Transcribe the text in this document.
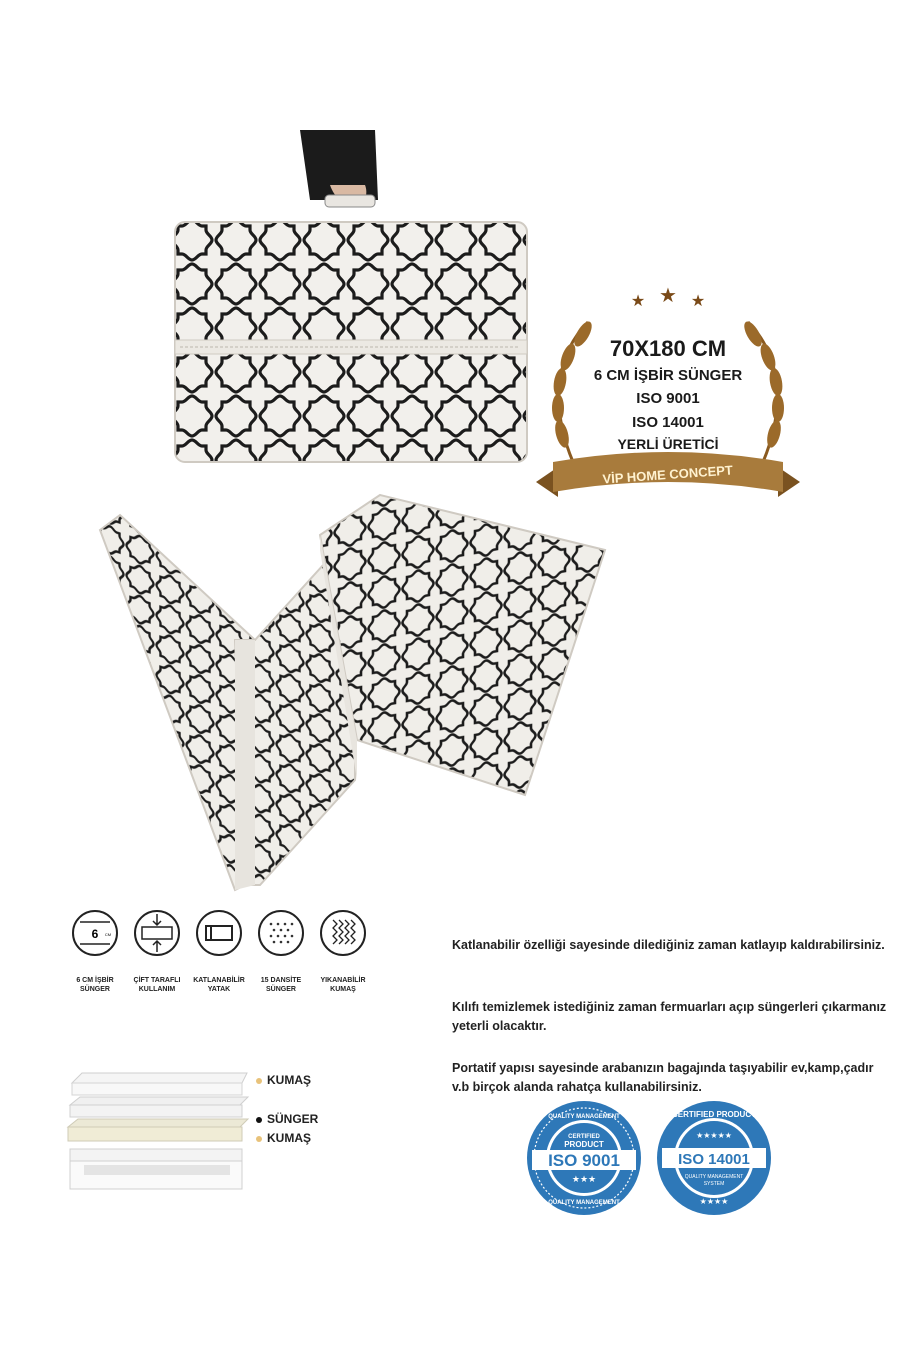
★ ★ ★
70X180 CM
6 CM İŞBİR SÜNGER
ISO 9001
ISO 14001
YERLİ ÜRETİCİ
VİP HOME CONCEPT
6 CM
6 CM İŞBİR
SÜNGER
ÇİFT TARAFLI
KULLANIM
KATLANABİLİR
YATAK
15 DANSİTE
SÜNGER
YIKANABİLİR
KUMAŞ
KUMAŞ
SÜNGER
KUMAŞ
Katlanabilir özelliği sayesinde dilediğiniz zaman katlayıp kaldırabilirsiniz.
Kılıfı temizlemek istediğiniz zaman fermuarları açıp süngerleri çıkarmanız yeterli olacaktır.
Portatif yapısı sayesinde arabanızın bagajında taşıyabilir ev,kamp,çadır v.b birçok alanda rahatça kullanabilirsiniz.
QUALITY MANAGEMENT
CERTIFIED
PRODUCT
ISO 9001
★★★
QUALITY MANAGEMENT
CERTIFIED PRODUCT
★★★★★
ISO 14001
QUALITY MANAGEMENT
SYSTEM
★★★★
